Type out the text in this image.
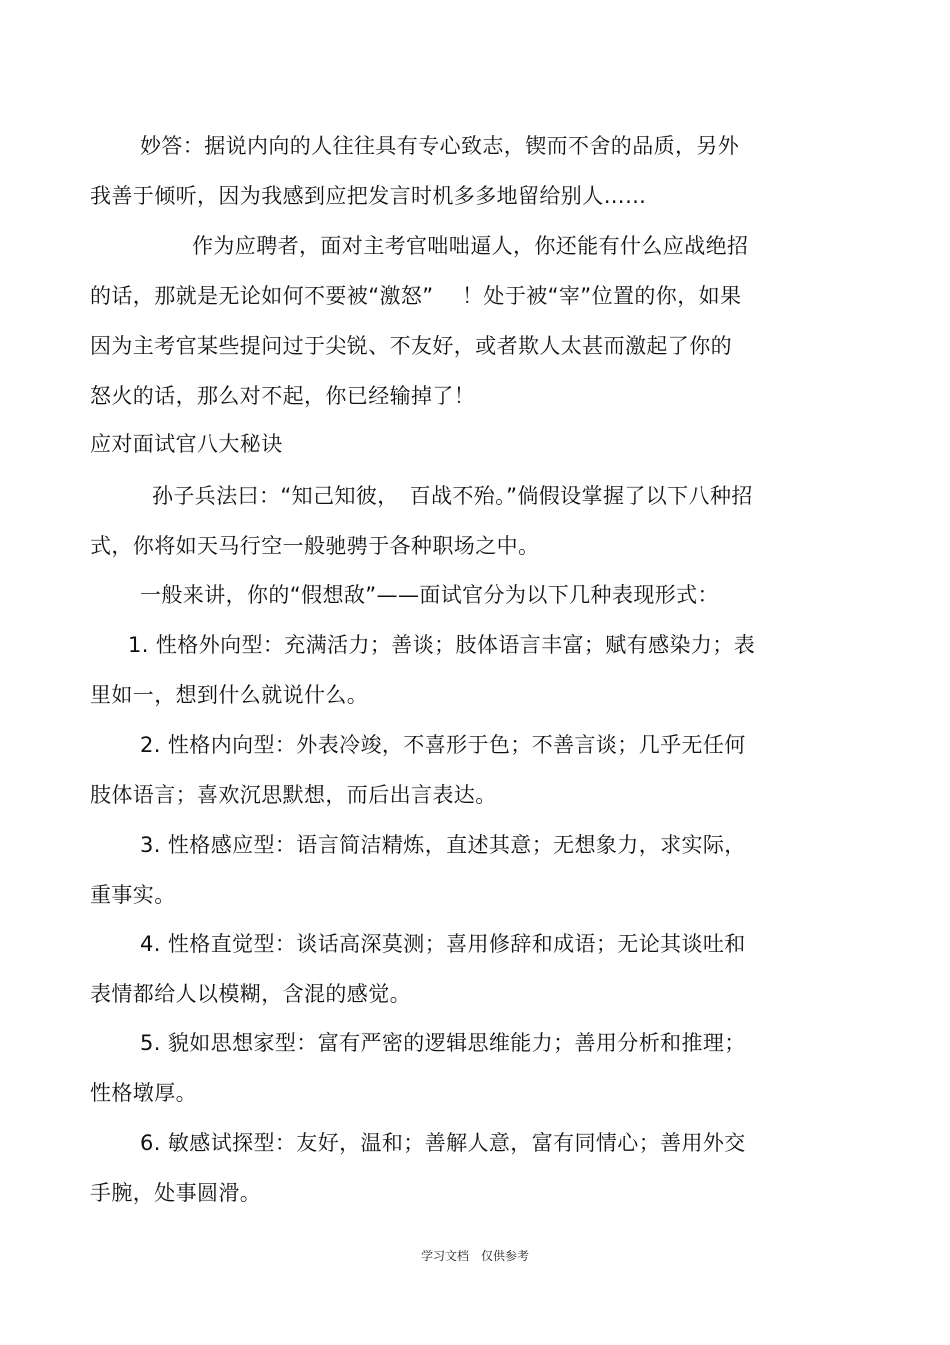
妙答：据说内向的人往往具有专心致志，锲而不舍的品质，另外
我善于倾听，因为我感到应把发言时机多多地留给别人……
作为应聘者，面对主考官咄咄逼人，你还能有什么应战绝招
的话，那就是无论如何不要被“激怒”　 ！处于被“宰”位置的你，如果
因为主考官某些提问过于尖锐、不友好，或者欺人太甚而激起了你的
怒火的话，那么对不起，你已经输掉了！
应对面试官八大秘诀
孙子兵法曰：“知己知彼，　百战不殆。”倘假设掌握了以下八种招
式，你将如天马行空一般驰骋于各种职场之中。
一般来讲，你的“假想敌”——面试官分为以下几种表现形式：
1. 性格外向型：充满活力；善谈；肢体语言丰富；赋有感染力；表
里如一，想到什么就说什么。
2. 性格内向型：外表冷竣，不喜形于色；不善言谈；几乎无任何
肢体语言；喜欢沉思默想，而后出言表达。
3. 性格感应型：语言简洁精炼，直述其意；无想象力，求实际，
重事实。
4. 性格直觉型：谈话高深莫测；喜用修辞和成语；无论其谈吐和
表情都给人以模糊，含混的感觉。
5. 貌如思想家型：富有严密的逻辑思维能力；善用分析和推理；
性格墩厚。
6. 敏感试探型：友好，温和；善解人意，富有同情心；善用外交
手腕，处事圆滑。
学习文档　仅供参考
